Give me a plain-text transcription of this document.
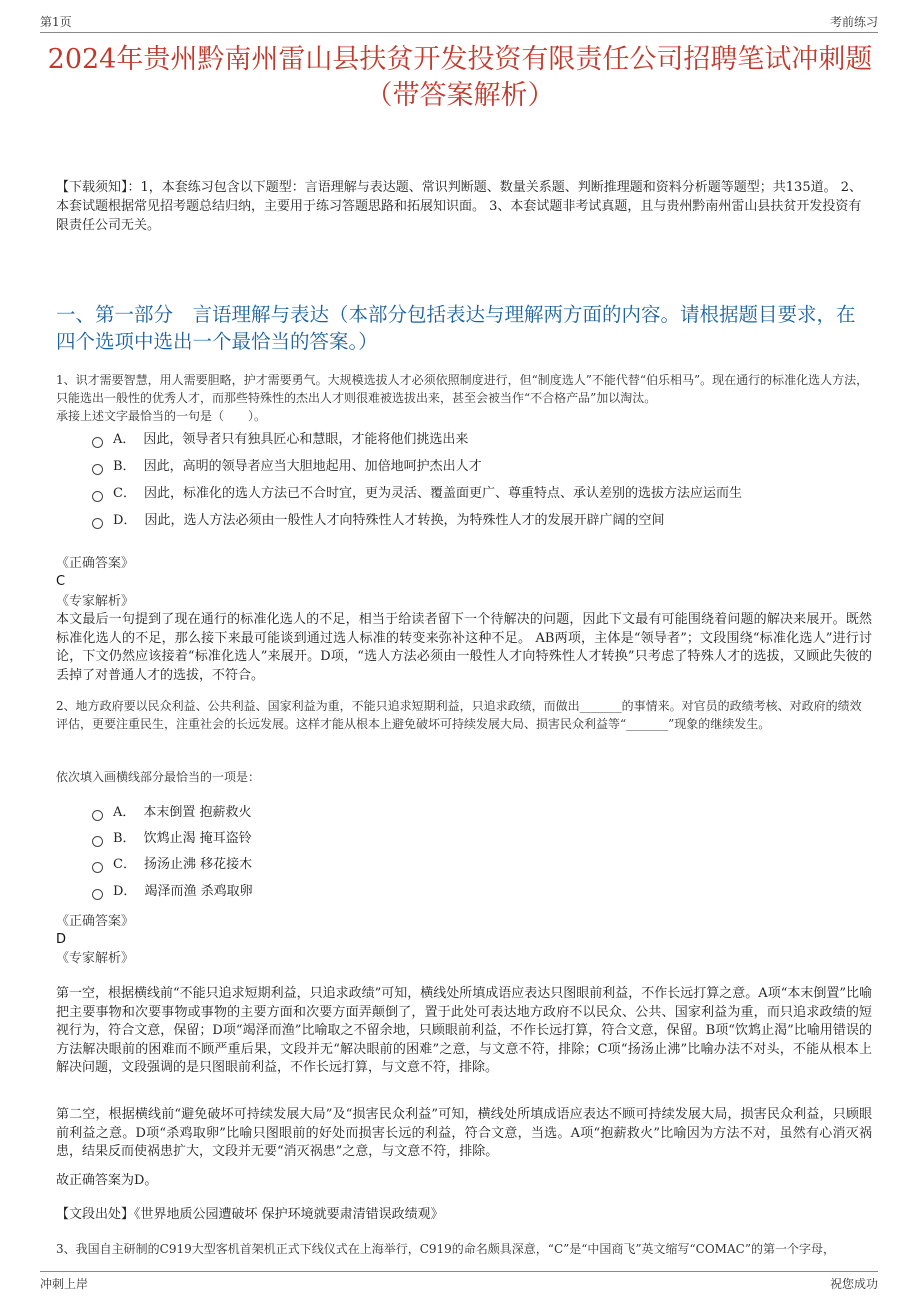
第1页	考前练习
2024年贵州黔南州雷山县扶贫开发投资有限责任公司招聘笔试冲刺题（带答案解析）
【下载须知】：1，本套练习包含以下题型：言语理解与表达题、常识判断题、数量关系题、判断推理题和资料分析题等题型；共135道。 2、本套试题根据常见招考题总结归纳，主要用于练习答题思路和拓展知识面。 3、本套试题非考试真题，且与贵州黔南州雷山县扶贫开发投资有限责任公司无关。
一、第一部分　言语理解与表达（本部分包括表达与理解两方面的内容。请根据题目要求，在四个选项中选出一个最恰当的答案。）
1、识才需要智慧，用人需要胆略，护才需要勇气。大规模选拔人才必须依照制度进行，但“制度选人”不能代替“伯乐相马”。现在通行的标准化选人方法，只能选出一般性的优秀人才，而那些特殊性的杰出人才则很难被选拔出来，甚至会被当作“不合格产品”加以淘汰。
承接上述文字最恰当的一句是（　　）。
A． 因此，领导者只有独具匠心和慧眼，才能将他们挑选出来
B． 因此，高明的领导者应当大胆地起用、加倍地呵护杰出人才
C． 因此，标准化的选人方法已不合时宜，更为灵活、覆盖面更广、尊重特点、承认差别的选拔方法应运而生
D． 因此，选人方法必须由一般性人才向特殊性人才转换，为特殊性人才的发展开辟广阔的空间
《正确答案》
C
《专家解析》
本文最后一句提到了现在通行的标准化选人的不足，相当于给读者留下一个待解决的问题，因此下文最有可能围绕着问题的解决来展开。既然标准化选人的不足，那么接下来最可能谈到通过选人标准的转变来弥补这种不足。 AB两项，主体是“领导者”；文段围绕“标准化选人”进行讨论，下文仍然应该接着“标准化选人”来展开。D项，“选人方法必须由一般性人才向特殊性人才转换”只考虑了特殊人才的选拔，又顾此失彼的丢掉了对普通人才的选拔，不符合。
2、地方政府要以民众利益、公共利益、国家利益为重，不能只追求短期利益，只追求政绩，而做出_______的事情来。对官员的政绩考核、对政府的绩效评估，更要注重民生，注重社会的长远发展。这样才能从根本上避免破坏可持续发展大局、损害民众利益等“_______”现象的继续发生。
依次填入画横线部分最恰当的一项是：
A． 本末倒置 抱薪救火
B． 饮鸩止渴 掩耳盗铃
C． 扬汤止沸 移花接木
D． 竭泽而渔 杀鸡取卵
《正确答案》
D
《专家解析》
第一空，根据横线前“不能只追求短期利益，只追求政绩”可知，横线处所填成语应表达只图眼前利益，不作长远打算之意。A项“本末倒置”比喻把主要事物和次要事物或事物的主要方面和次要方面弄颠倒了，置于此处可表达地方政府不以民众、公共、国家利益为重，而只追求政绩的短视行为，符合文意，保留；D项“竭泽而渔”比喻取之不留余地，只顾眼前利益，不作长远打算，符合文意，保留。B项“饮鸩止渴”比喻用错误的方法解决眼前的困难而不顾严重后果，文段并无“解决眼前的困难”之意，与文意不符，排除；C项“扬汤止沸”比喻办法不对头，不能从根本上解决问题，文段强调的是只图眼前利益，不作长远打算，与文意不符，排除。
第二空，根据横线前“避免破坏可持续发展大局”及“损害民众利益”可知，横线处所填成语应表达不顾可持续发展大局，损害民众利益，只顾眼前利益之意。D项“杀鸡取卵”比喻只图眼前的好处而损害长远的利益，符合文意，当选。A项“抱薪救火”比喻因为方法不对，虽然有心消灭祸患，结果反而使祸患扩大，文段并无要“消灭祸患”之意，与文意不符，排除。
故正确答案为D。
【文段出处】《世界地质公园遭破坏 保护环境就要肃清错误政绩观》
3、我国自主研制的C919大型客机首架机正式下线仪式在上海举行，C919的命名颇具深意，“C”是“中国商飞”英文缩写“COMAC”的第一个字母，
冲刺上岸	祝您成功
